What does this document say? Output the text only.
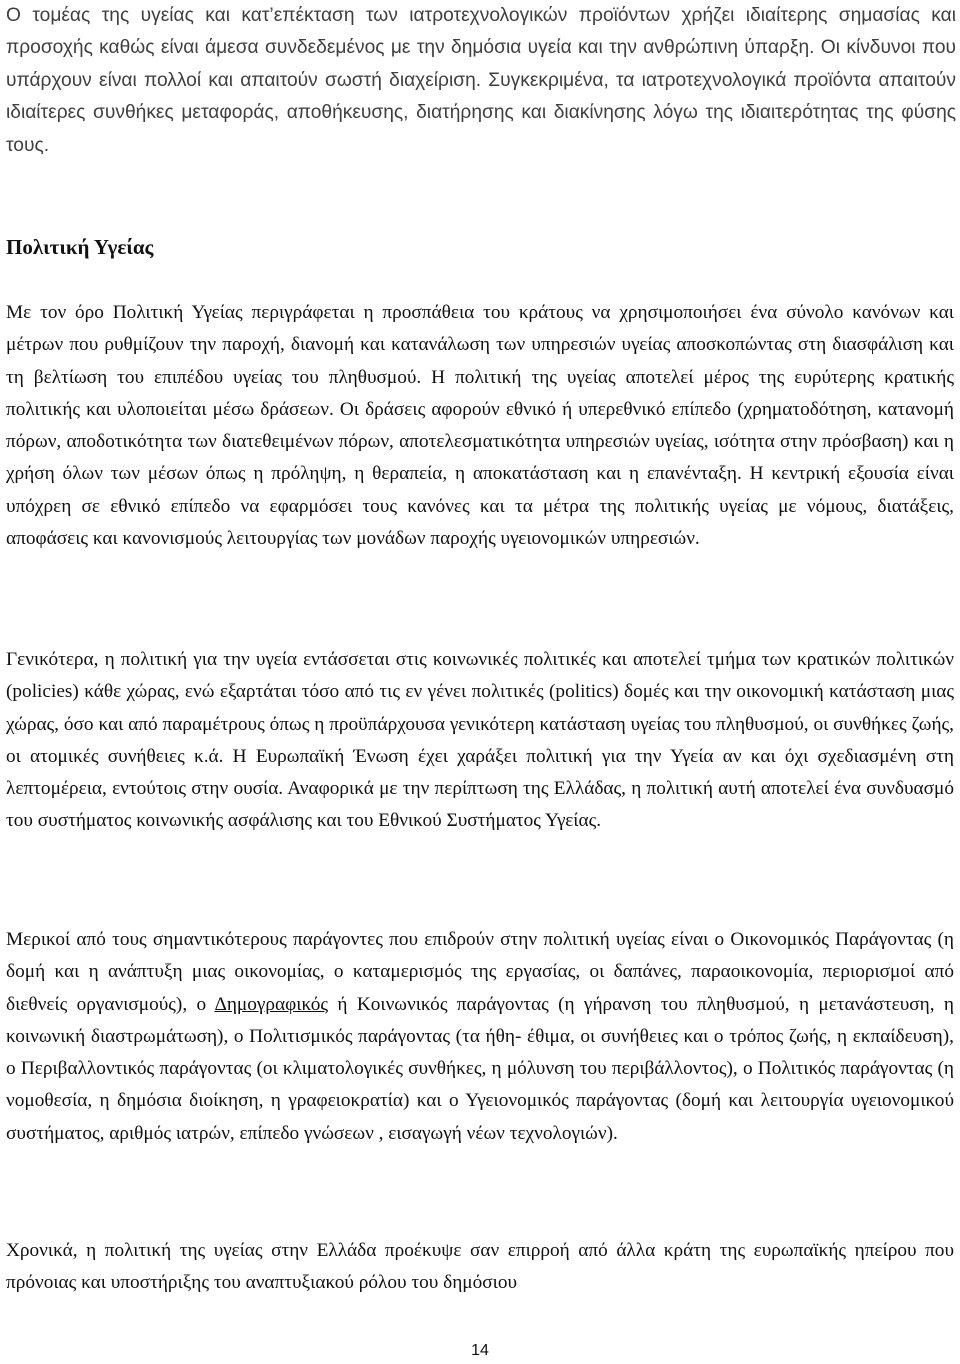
Ο τομέας της υγείας και κατ’επέκταση των ιατροτεχνολογικών προϊόντων χρήζει ιδιαίτερης σημασίας και προσοχής καθώς είναι άμεσα συνδεδεμένος με την δημόσια υγεία και την ανθρώπινη ύπαρξη. Οι κίνδυνοι που υπάρχουν είναι πολλοί και απαιτούν σωστή διαχείριση. Συγκεκριμένα, τα ιατροτεχνολογικά προϊόντα απαιτούν ιδιαίτερες συνθήκες μεταφοράς, αποθήκευσης, διατήρησης και διακίνησης λόγω της ιδιαιτερότητας της φύσης τους.

Πολιτική Υγείας

Με τον όρο Πολιτική Υγείας περιγράφεται η προσπάθεια του κράτους να χρησιμοποιήσει ένα σύνολο κανόνων και μέτρων που ρυθμίζουν την παροχή, διανομή και κατανάλωση των υπηρεσιών υγείας αποσκοπώντας στη διασφάλιση και τη βελτίωση του επιπέδου υγείας του πληθυσμού. Η πολιτική της υγείας αποτελεί μέρος της ευρύτερης κρατικής πολιτικής και υλοποιείται μέσω δράσεων. Οι δράσεις αφορούν εθνικό ή υπερεθνικό επίπεδο (χρηματοδότηση, κατανομή πόρων, αποδοτικότητα των διατεθειμένων πόρων, αποτελεσματικότητα υπηρεσιών υγείας, ισότητα στην πρόσβαση) και η χρήση όλων των μέσων όπως η πρόληψη, η θεραπεία, η αποκατάσταση και η επανένταξη. Η κεντρική εξουσία είναι υπόχρεη σε εθνικό επίπεδο να εφαρμόσει τους κανόνες και τα μέτρα της πολιτικής υγείας με νόμους, διατάξεις, αποφάσεις και κανονισμούς λειτουργίας των μονάδων παροχής υγειονομικών υπηρεσιών.

Γενικότερα, η πολιτική για την υγεία εντάσσεται στις κοινωνικές πολιτικές και αποτελεί τμήμα των κρατικών πολιτικών (policies) κάθε χώρας, ενώ εξαρτάται τόσο από τις εν γένει πολιτικές (politics) δομές και την οικονομική κατάσταση μιας χώρας, όσο και από παραμέτρους όπως η προϋπάρχουσα γενικότερη κατάσταση υγείας του πληθυσμού, οι συνθήκες ζωής, οι ατομικές συνήθειες κ.ά. Η Ευρωπαϊκή Ένωση έχει χαράξει πολιτική για την Υγεία αν και όχι σχεδιασμένη στη λεπτομέρεια, εντούτοις στην ουσία. Αναφορικά με την περίπτωση της Ελλάδας, η πολιτική αυτή αποτελεί ένα συνδυασμό του συστήματος κοινωνικής ασφάλισης και του Εθνικού Συστήματος Υγείας.

Μερικοί από τους σημαντικότερους παράγοντες που επιδρούν στην πολιτική υγείας είναι ο Οικονομικός Παράγοντας (η δομή και η ανάπτυξη μιας οικονομίας, ο καταμερισμός της εργασίας, οι δαπάνες, παραοικονομία, περιορισμοί από διεθνείς οργανισμούς), ο Δημογραφικός ή Κοινωνικός παράγοντας (η γήρανση του πληθυσμού, η μετανάστευση, η κοινωνική διαστρωμάτωση), ο Πολιτισμικός παράγοντας (τα ήθη- έθιμα, οι συνήθειες και ο τρόπος ζωής, η εκπαίδευση), ο Περιβαλλοντικός παράγοντας (οι κλιματολογικές συνθήκες, η μόλυνση του περιβάλλοντος), ο Πολιτικός παράγοντας (η νομοθεσία, η δημόσια διοίκηση, η γραφειοκρατία) και ο Υγειονομικός παράγοντας (δομή και λειτουργία υγειονομικού συστήματος, αριθμός ιατρών, επίπεδο γνώσεων , εισαγωγή νέων τεχνολογιών).

Χρονικά, η πολιτική της υγείας στην Ελλάδα προέκυψε σαν επιρροή από άλλα κράτη της ευρωπαϊκής ηπείρου που πρόνοιας και υποστήριξης του αναπτυξιακού ρόλου του δημόσιου

14
